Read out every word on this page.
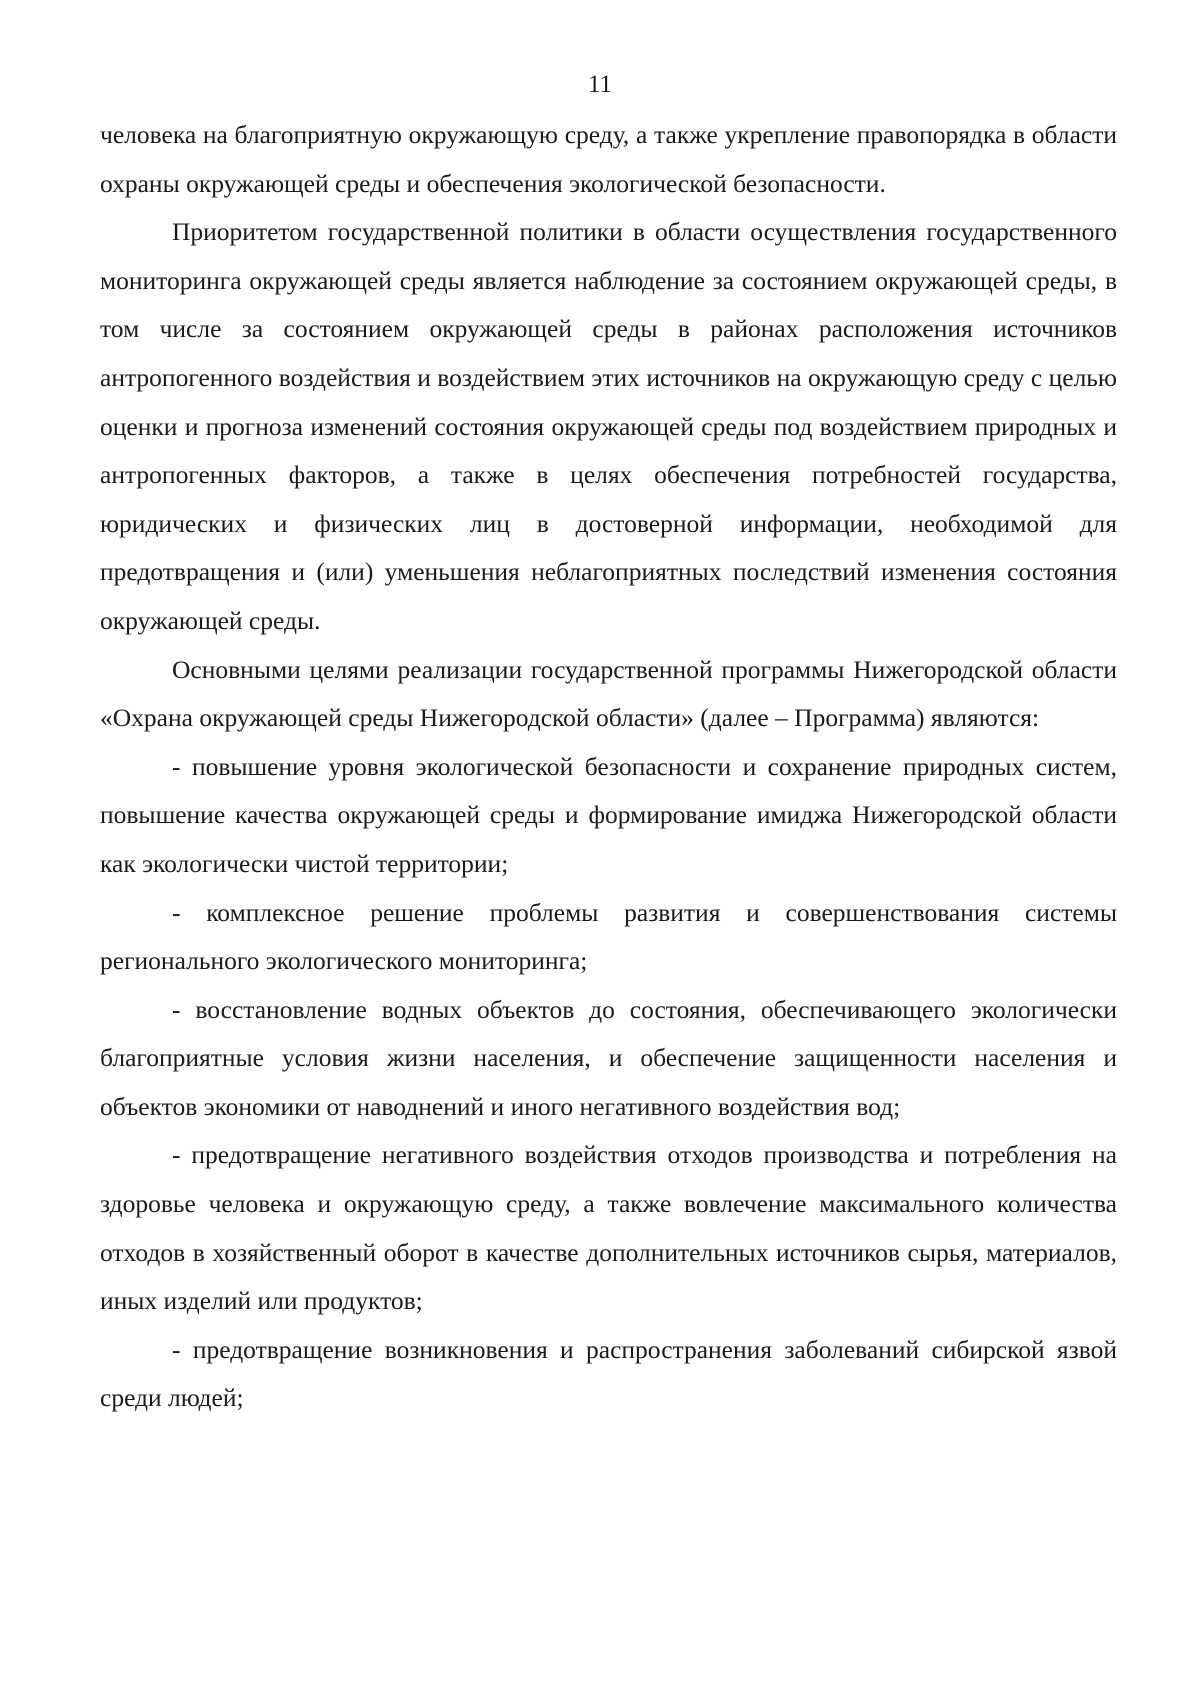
11

человека на благоприятную окружающую среду, а также укрепление правопорядка в области охраны окружающей среды и обеспечения экологической безопасности.

Приоритетом государственной политики в области осуществления государственного мониторинга окружающей среды является наблюдение за состоянием окружающей среды, в том числе за состоянием окружающей среды в районах расположения источников антропогенного воздействия и воздействием этих источников на окружающую среду с целью оценки и прогноза изменений состояния окружающей среды под воздействием природных и антропогенных факторов, а также в целях обеспечения потребностей государства, юридических и физических лиц в достоверной информации, необходимой для предотвращения и (или) уменьшения неблагоприятных последствий изменения состояния окружающей среды.

Основными целями реализации государственной программы Нижегородской области «Охрана окружающей среды Нижегородской области» (далее – Программа) являются:

- повышение уровня экологической безопасности и сохранение природных систем, повышение качества окружающей среды и формирование имиджа Нижегородской области как экологически чистой территории;

- комплексное решение проблемы развития и совершенствования системы регионального экологического мониторинга;

- восстановление водных объектов до состояния, обеспечивающего экологически благоприятные условия жизни населения, и обеспечение защищенности населения и объектов экономики от наводнений и иного негативного воздействия вод;

- предотвращение негативного воздействия отходов производства и потребления на здоровье человека и окружающую среду, а также вовлечение максимального количества отходов в хозяйственный оборот в качестве дополнительных источников сырья, материалов, иных изделий или продуктов;

- предотвращение возникновения и распространения заболеваний сибирской язвой среди людей;
